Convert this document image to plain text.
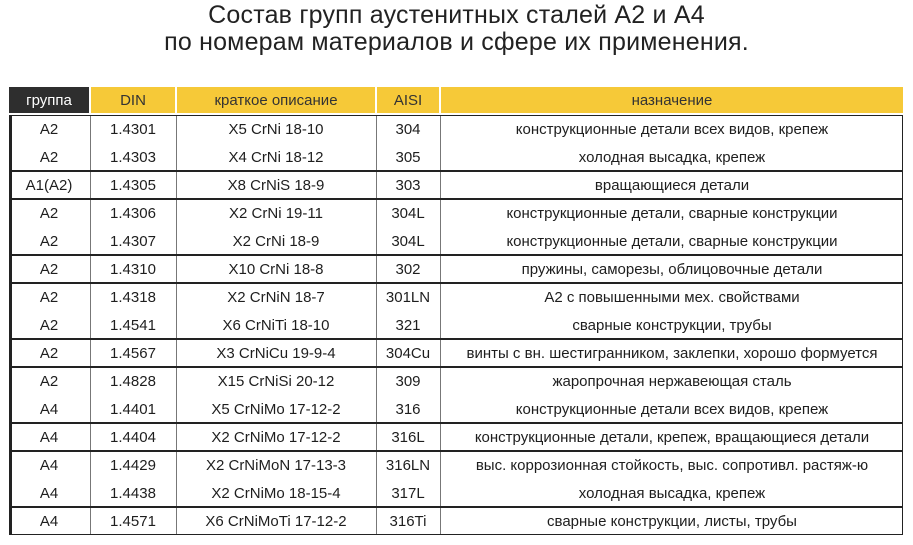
Состав групп аустенитных сталей А2 и А4
по номерам материалов и сфере их применения.
группа	DIN	краткое описание	AISI	назначение
A2	1.4301	X5 CrNi 18-10	304	конструкционные детали всех видов, крепеж
A2	1.4303	X4 CrNi 18-12	305	холодная высадка, крепеж
A1(A2)	1.4305	X8 CrNiS 18-9	303	вращающиеся детали
A2	1.4306	X2 CrNi 19-11	304L	конструкционные детали, сварные конструкции
A2	1.4307	X2 CrNi 18-9	304L	конструкционные детали, сварные конструкции
A2	1.4310	X10 CrNi 18-8	302	пружины, саморезы, облицовочные детали
A2	1.4318	X2 CrNiN 18-7	301LN	A2 с повышенными мех. свойствами
A2	1.4541	X6 CrNiTi 18-10	321	сварные конструкции, трубы
A2	1.4567	X3 CrNiCu 19-9-4	304Cu	винты с вн. шестигранником, заклепки, хорошо формуется
A2	1.4828	X15 CrNiSi 20-12	309	жаропрочная нержавеющая сталь
A4	1.4401	X5 CrNiMo 17-12-2	316	конструкционные детали всех видов, крепеж
A4	1.4404	X2 CrNiMo 17-12-2	316L	конструкционные детали, крепеж, вращающиеся детали
A4	1.4429	X2 CrNiMoN 17-13-3	316LN	выс. коррозионная стойкость, выс. сопротивл. растяж-ю
A4	1.4438	X2 CrNiMo 18-15-4	317L	холодная высадка, крепеж
A4	1.4571	X6 CrNiMoTi 17-12-2	316Ti	сварные конструкции, листы, трубы
